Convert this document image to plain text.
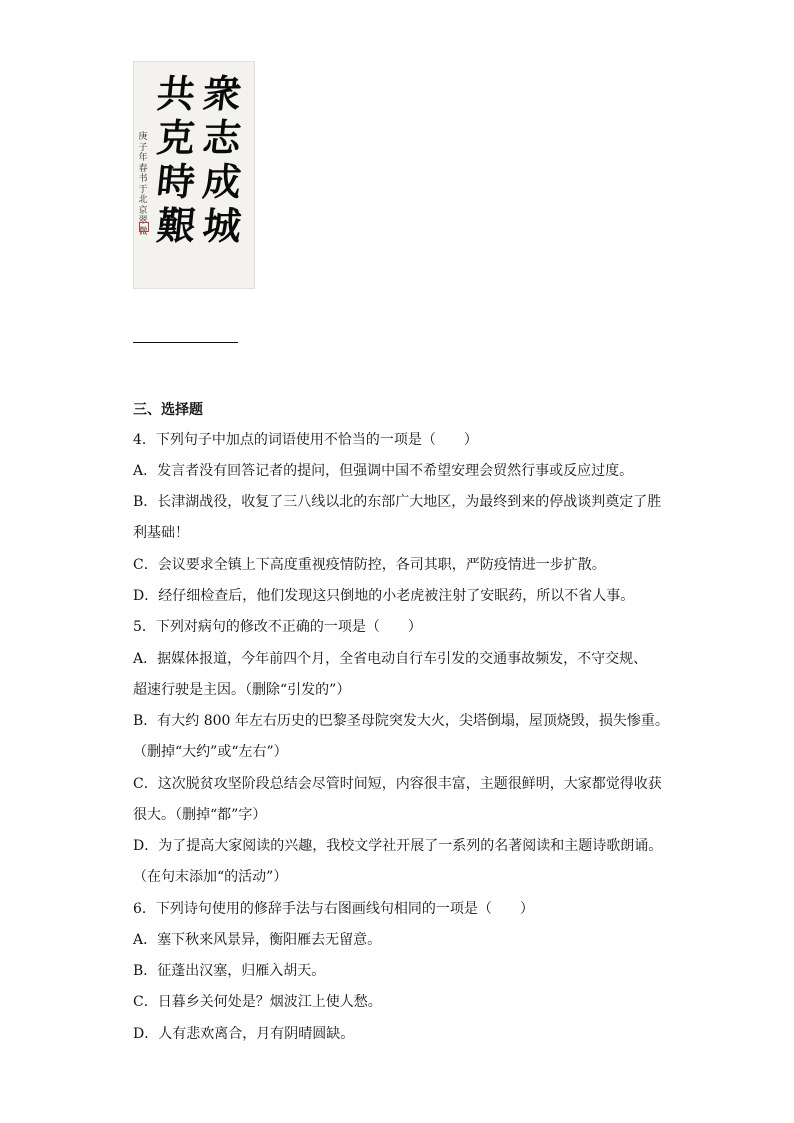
衆
志
成
城
共
克
時
艱
庚子年春书于北京翠微
三、选择题
4．下列句子中加点的词语使用不恰当的一项是（　　）
A．发言者没有回答记者的提问，但强调中国不希望安理会贸然行事或反应过度。
B．长津湖战役，收复了三八线以北的东部广大地区，为最终到来的停战谈判奠定了胜
利基础！
C．会议要求全镇上下高度重视疫情防控，各司其职，严防疫情进一步扩散。
D．经仔细检查后，他们发现这只倒地的小老虎被注射了安眠药，所以不省人事。
5．下列对病句的修改不正确的一项是（　　）
A．据媒体报道，今年前四个月，全省电动自行车引发的交通事故频发，不守交规、
超速行驶是主因。（删除“引发的”）
B．有大约 800 年左右历史的巴黎圣母院突发大火，尖塔倒塌，屋顶烧毁，损失惨重。
（删掉“大约”或“左右”）
C．这次脱贫攻坚阶段总结会尽管时间短，内容很丰富，主题很鲜明，大家都觉得收获
很大。（删掉“都”字）
D．为了提高大家阅读的兴趣，我校文学社开展了一系列的名著阅读和主题诗歌朗诵。
（在句末添加“的活动”）
6．下列诗句使用的修辞手法与右图画线句相同的一项是（　　）
A．塞下秋来风景异，衡阳雁去无留意。
B．征蓬出汉塞，归雁入胡天。
C．日暮乡关何处是？烟波江上使人愁。
D．人有悲欢离合，月有阴晴圆缺。
